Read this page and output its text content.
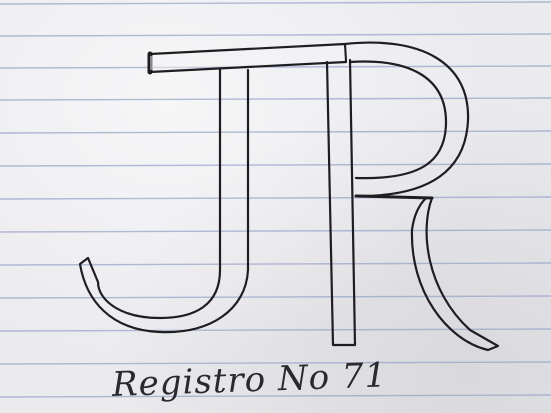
Registro No 71
